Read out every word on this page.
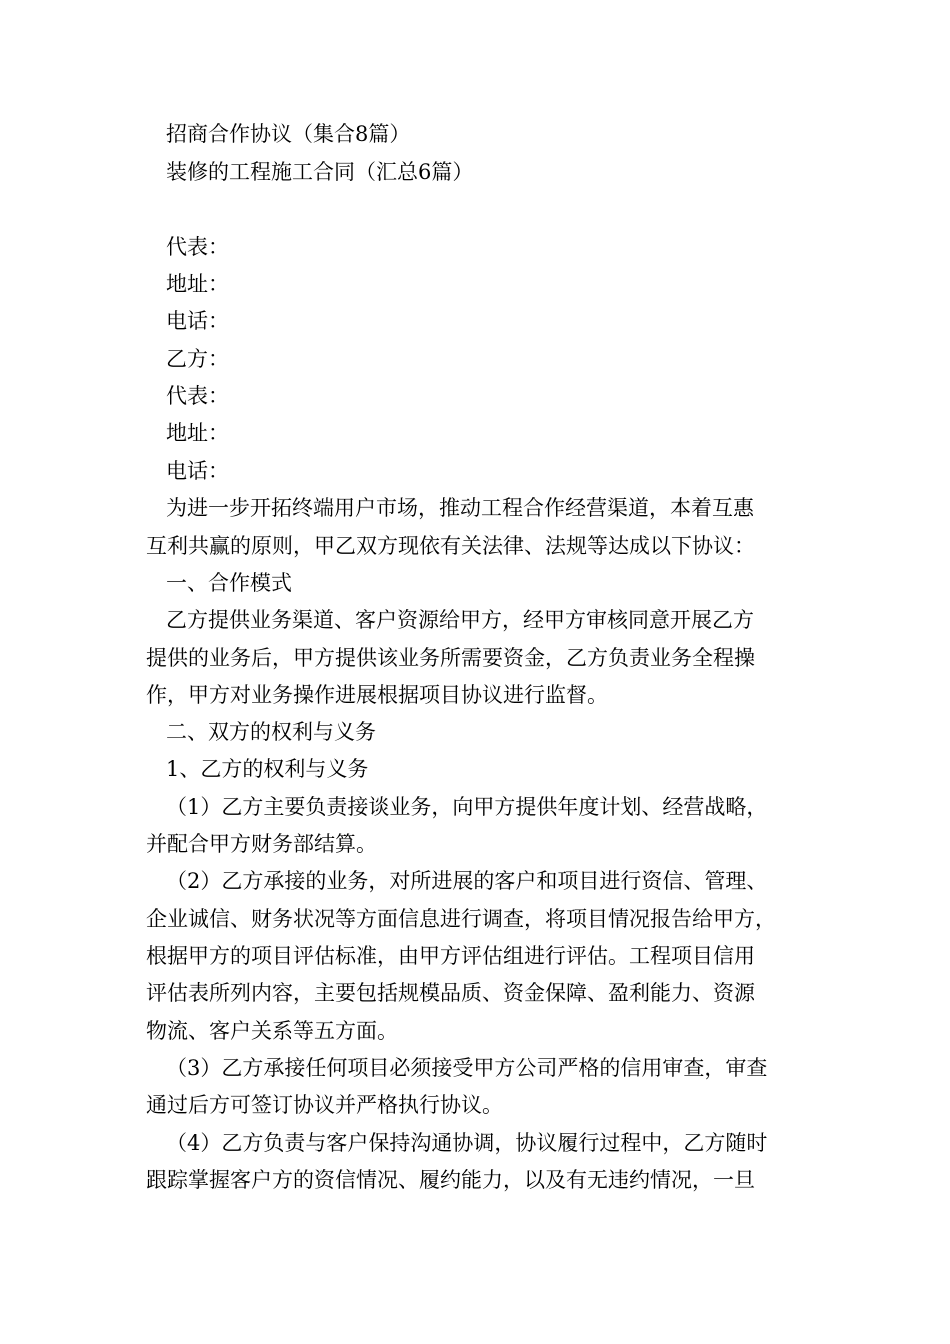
招商合作协议（集合8篇）
装修的工程施工合同（汇总6篇）
代表：
地址：
电话：
乙方：
代表：
地址：
电话：
为进一步开拓终端用户市场，推动工程合作经营渠道，本着互惠
互利共赢的原则，甲乙双方现依有关法律、法规等达成以下协议：
一、合作模式
乙方提供业务渠道、客户资源给甲方，经甲方审核同意开展乙方
提供的业务后，甲方提供该业务所需要资金，乙方负责业务全程操
作，甲方对业务操作进展根据项目协议进行监督。
二、双方的权利与义务
1、乙方的权利与义务
（1）乙方主要负责接谈业务，向甲方提供年度计划、经营战略，
并配合甲方财务部结算。
（2）乙方承接的业务，对所进展的客户和项目进行资信、管理、
企业诚信、财务状况等方面信息进行调查，将项目情况报告给甲方，
根据甲方的项目评估标准，由甲方评估组进行评估。工程项目信用
评估表所列内容，主要包括规模品质、资金保障、盈利能力、资源
物流、客户关系等五方面。
（3）乙方承接任何项目必须接受甲方公司严格的信用审查，审查
通过后方可签订协议并严格执行协议。
（4）乙方负责与客户保持沟通协调，协议履行过程中，乙方随时
跟踪掌握客户方的资信情况、履约能力，以及有无违约情况，一旦
